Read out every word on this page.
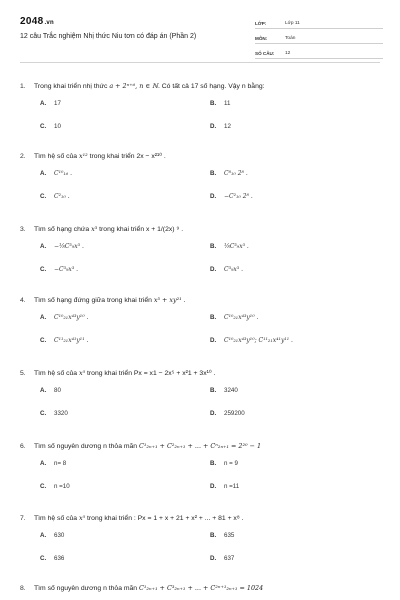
2048.vn
12 câu Trắc nghiệm Nhị thức Niu tơn có đáp án (Phần 2)
LỚP:	Lớp 11
MÔN:	Toán
SỐ CÂU:	12
1. Trong khai triển nhị thức a + 2ⁿ⁺⁶, n ∈ ℕ. Có tất cả 17 số hạng. Vậy n bằng:
A. 17	B. 11
C. 10	D. 12
2. Tìm hệ số của x¹² trong khai triển 2x − x²¹⁰ .
A. C¹⁰₁₆ .	B. C⁸₁₀ 2⁸ .
C. C²₁₀ .	D. −C²₁₀ 2⁸ .
3. Tìm số hạng chứa x³ trong khai triển x + 1/(2x) ⁹ .
A. −⅛C³₉x³ .	B. ⅛C³₉x³ .
C. −C³₉x³ .	D. C³₉x³ .
4. Tìm số hạng đứng giữa trong khai triển x³ + xy²¹ .
A. C¹⁰₂₁x⁴³y¹⁰ .	B. C¹⁰₂₁x⁴³y¹⁰ .
C. C¹¹₂₁x⁴¹y¹¹ .	D. C¹⁰₂₁x⁴³y¹⁰; C¹¹₂₁x⁴¹y¹¹ .
5. Tìm hệ số của x⁵ trong khai triển Px = x1 − 2x⁵ + x²1 + 3x¹⁰ .
A. 80	B. 3240
C. 3320	D. 259200
6. Tìm số nguyên dương n thỏa mãn C¹₂ₙ₊₁ + C²₂ₙ₊₁ + ... + Cⁿ₂ₙ₊₁ = 2²⁰ − 1
A. n= 8	B. n = 9
C. n =10	D. n =11
7. Tìm hệ số của x⁵ trong khai triển : Px = 1 + x + 21 + x² + ... + 81 + x⁸ .
A. 630	B. 635
C. 636	D. 637
8. Tìm số nguyên dương n thỏa mãn C¹₂ₙ₊₁ + C³₂ₙ₊₁ + ... + C²ⁿ⁺¹₂ₙ₊₁ = 1024
